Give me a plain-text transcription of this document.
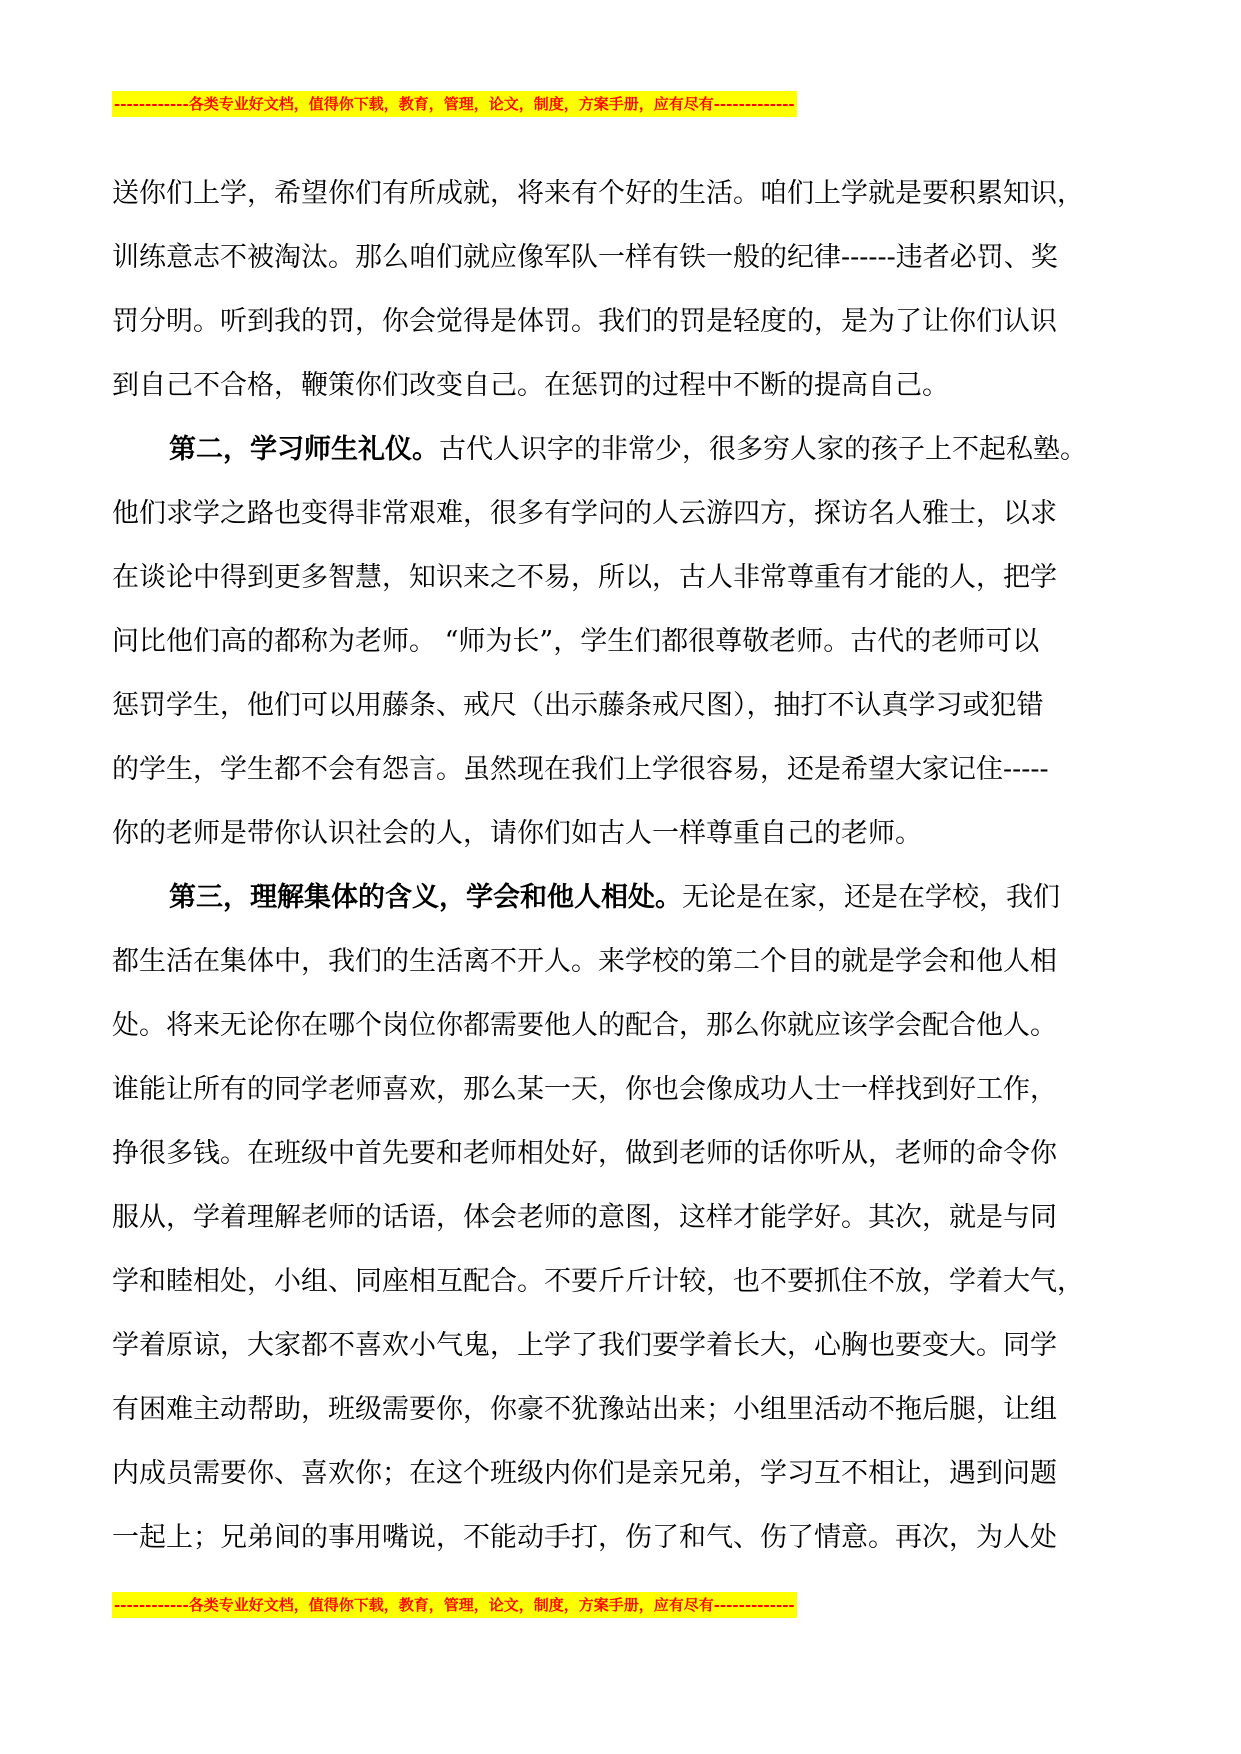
------------各类专业好文档，值得你下载，教育，管理，论文，制度，方案手册，应有尽有-------------
送你们上学，希望你们有所成就，将来有个好的生活。咱们上学就是要积累知识，
训练意志不被淘汰。那么咱们就应像军队一样有铁一般的纪律------违者必罚、奖
罚分明。听到我的罚，你会觉得是体罚。我们的罚是轻度的，是为了让你们认识
到自己不合格，鞭策你们改变自己。在惩罚的过程中不断的提高自己。
第二，学习师生礼仪。古代人识字的非常少，很多穷人家的孩子上不起私塾。
他们求学之路也变得非常艰难，很多有学问的人云游四方，探访名人雅士，以求
在谈论中得到更多智慧，知识来之不易，所以，古人非常尊重有才能的人，把学
问比他们高的都称为老师。 “师为长”，学生们都很尊敬老师。古代的老师可以
惩罚学生，他们可以用藤条、戒尺（出示藤条戒尺图），抽打不认真学习或犯错
的学生，学生都不会有怨言。虽然现在我们上学很容易，还是希望大家记住-----
你的老师是带你认识社会的人，请你们如古人一样尊重自己的老师。
第三，理解集体的含义，学会和他人相处。无论是在家，还是在学校，我们
都生活在集体中，我们的生活离不开人。来学校的第二个目的就是学会和他人相
处。将来无论你在哪个岗位你都需要他人的配合，那么你就应该学会配合他人。
谁能让所有的同学老师喜欢，那么某一天，你也会像成功人士一样找到好工作，
挣很多钱。在班级中首先要和老师相处好，做到老师的话你听从，老师的命令你
服从，学着理解老师的话语，体会老师的意图，这样才能学好。其次，就是与同
学和睦相处，小组、同座相互配合。不要斤斤计较，也不要抓住不放，学着大气，
学着原谅，大家都不喜欢小气鬼，上学了我们要学着长大，心胸也要变大。同学
有困难主动帮助，班级需要你，你豪不犹豫站出来；小组里活动不拖后腿，让组
内成员需要你、喜欢你；在这个班级内你们是亲兄弟，学习互不相让，遇到问题
一起上；兄弟间的事用嘴说，不能动手打，伤了和气、伤了情意。再次，为人处
------------各类专业好文档，值得你下载，教育，管理，论文，制度，方案手册，应有尽有-------------
